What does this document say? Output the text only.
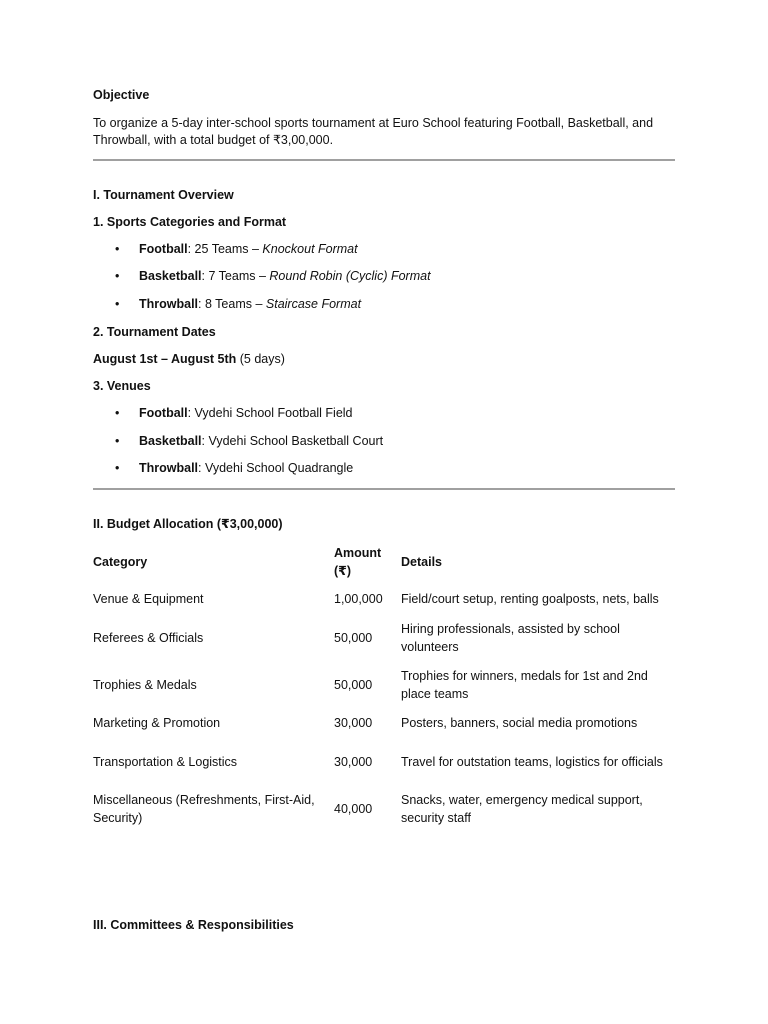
Objective
To organize a 5-day inter-school sports tournament at Euro School featuring Football, Basketball, and Throwball, with a total budget of ₹3,00,000.
I. Tournament Overview
1. Sports Categories and Format
• Football: 25 Teams – Knockout Format
• Basketball: 7 Teams – Round Robin (Cyclic) Format
• Throwball: 8 Teams – Staircase Format
2. Tournament Dates
August 1st – August 5th (5 days)
3. Venues
• Football: Vydehi School Football Field
• Basketball: Vydehi School Basketball Court
• Throwball: Vydehi School Quadrangle
II. Budget Allocation (₹3,00,000)
Category	Amount (₹)	Details
Venue & Equipment	1,00,000	Field/court setup, renting goalposts, nets, balls
Referees & Officials	50,000	Hiring professionals, assisted by school volunteers
Trophies & Medals	50,000	Trophies for winners, medals for 1st and 2nd place teams
Marketing & Promotion	30,000	Posters, banners, social media promotions
Transportation & Logistics	30,000	Travel for outstation teams, logistics for officials
Miscellaneous (Refreshments, First-Aid, Security)	40,000	Snacks, water, emergency medical support, security staff
III. Committees & Responsibilities
